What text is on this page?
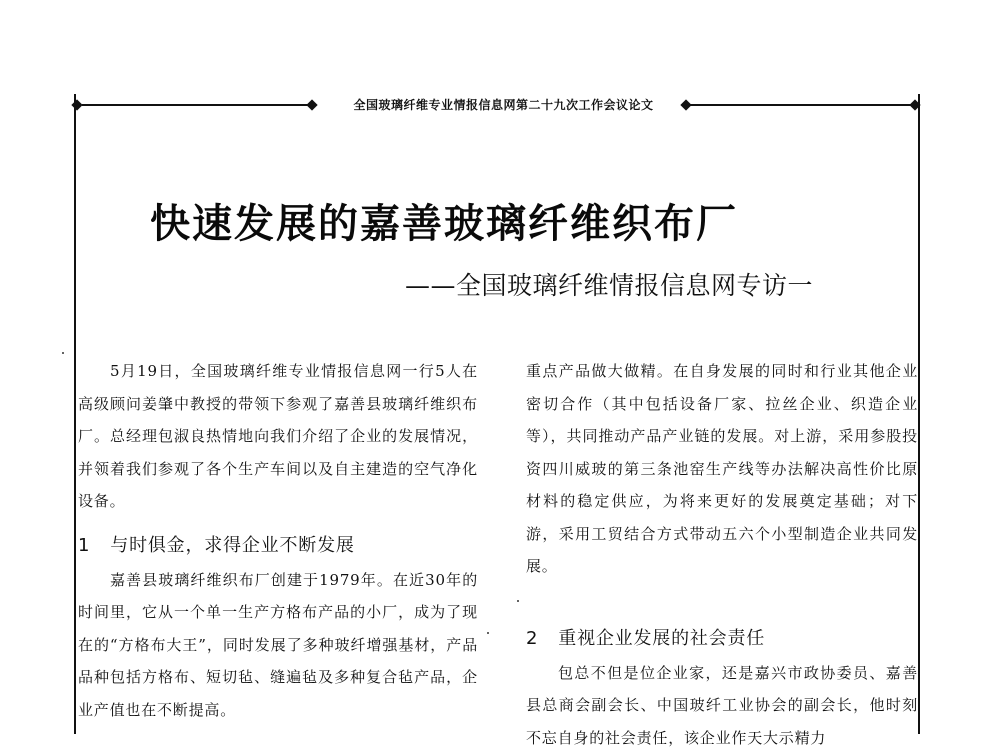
全国玻璃纤维专业情报信息网第二十九次工作会议论文
快速发展的嘉善玻璃纤维织布厂
——全国玻璃纤维情报信息网专访一

5月19日，全国玻璃纤维专业情报信息网一行5人在高级顾问姜肇中教授的带领下参观了嘉善县玻璃纤维织布厂。总经理包淑良热情地向我们介绍了企业的发展情况，并领着我们参观了各个生产车间以及自主建造的空气净化设备。

1 与时俱金，求得企业不断发展

嘉善县玻璃纤维织布厂创建于1979年。在近30年的时间里，它从一个单一生产方格布产品的小厂，成为了现在的“方格布大王”，同时发展了多种玻纤增强基材，产品品种包括方格布、短切毡、缝遍毡及多种复合毡产品，企业产值也在不断提高。

重点产品做大做精。在自身发展的同时和行业其他企业密切合作（其中包括设备厂家、拉丝企业、织造企业等），共同推动产品产业链的发展。对上游，采用参股投资四川威玻的第三条池窑生产线等办法解决高性价比原材料的稳定供应，为将来更好的发展奠定基础；对下游，采用工贸结合方式带动五六个小型制造企业共同发展。

2 重视企业发展的社会责任

包总不但是位企业家，还是嘉兴市政协委员、嘉善县总商会副会长、中国玻纤工业协会的副会长，他时刻不忘自身的社会责任，该企业作天大示精力
